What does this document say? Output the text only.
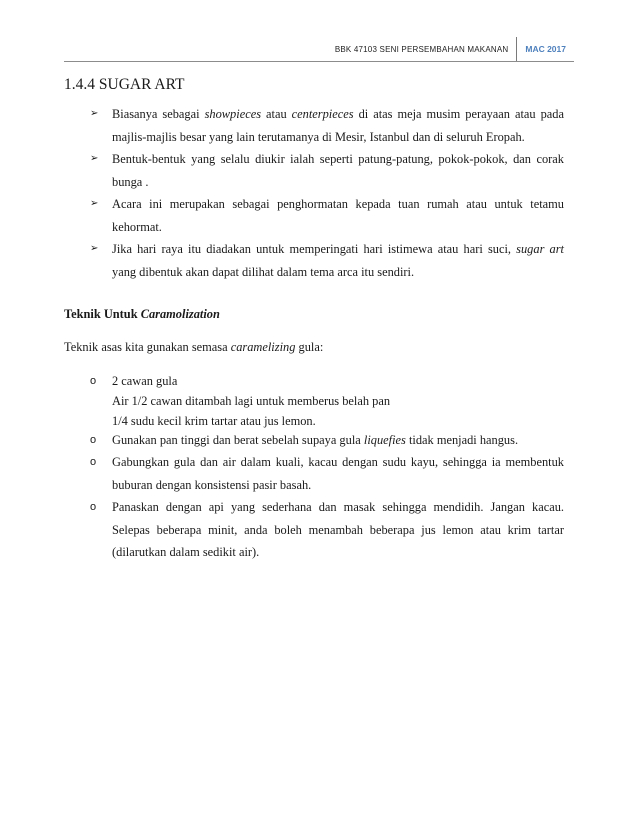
BBK 47103 SENI PERSEMBAHAN MAKANAN	MAC 2017
1.4.4 SUGAR ART
➢ Biasanya sebagai showpieces atau centerpieces di atas meja musim perayaan atau pada majlis-majlis besar yang lain terutamanya di Mesir, Istanbul dan di seluruh Eropah.
➢ Bentuk-bentuk yang selalu diukir ialah seperti patung-patung, pokok-pokok, dan corak bunga .
➢ Acara ini merupakan sebagai penghormatan kepada tuan rumah atau untuk tetamu kehormat.
➢ Jika hari raya itu diadakan untuk memperingati hari istimewa atau hari suci, sugar art yang dibentuk akan dapat dilihat dalam tema arca itu sendiri.

Teknik Untuk Caramolization

Teknik asas kita gunakan semasa caramelizing gula:

o 2 cawan gula
Air 1/2 cawan ditambah lagi untuk memberus belah pan
1/4 sudu kecil krim tartar atau jus lemon.
o Gunakan pan tinggi dan berat sebelah supaya gula liquefies tidak menjadi hangus.
o Gabungkan gula dan air dalam kuali, kacau dengan sudu kayu, sehingga ia membentuk buburan dengan konsistensi pasir basah.
o Panaskan dengan api yang sederhana dan masak sehingga mendidih. Jangan kacau. Selepas beberapa minit, anda boleh menambah beberapa jus lemon atau krim tartar (dilarutkan dalam sedikit air).
